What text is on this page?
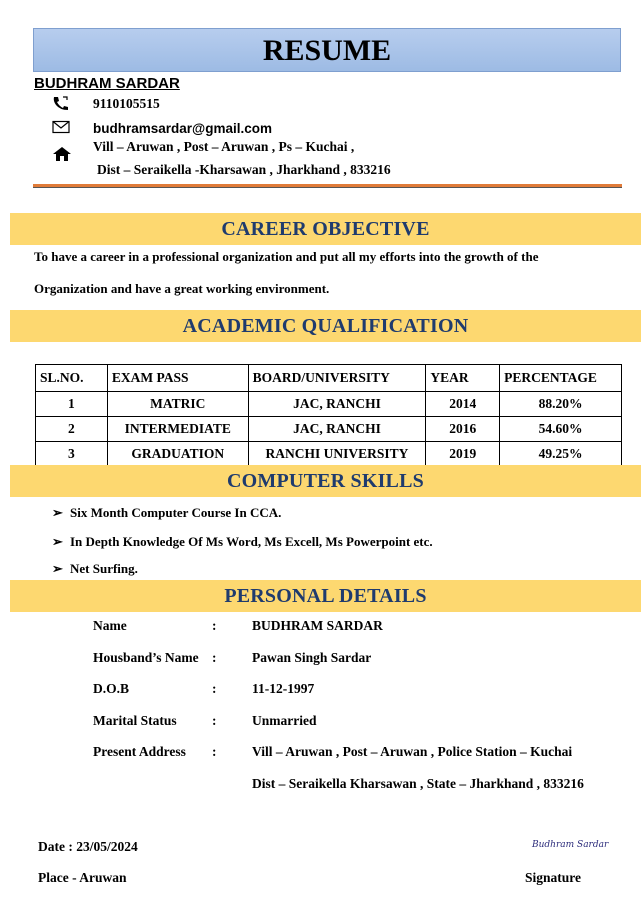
RESUME
BUDHRAM SARDAR
9110105515
budhramsardar@gmail.com
Vill – Aruwan , Post – Aruwan , Ps – Kuchai ,
Dist – Seraikella -Kharsawan , Jharkhand , 833216
CAREER OBJECTIVE
To have a career in a professional organization and put all my efforts into the growth of the
Organization and have a great working environment.
ACADEMIC QUALIFICATION
SL.NO.	EXAM PASS	BOARD/UNIVERSITY	YEAR	PERCENTAGE
1	MATRIC	JAC, RANCHI	2014	88.20%
2	INTERMEDIATE	JAC, RANCHI	2016	54.60%
3	GRADUATION	RANCHI UNIVERSITY	2019	49.25%
COMPUTER SKILLS
➢ Six Month Computer Course In CCA.
➢ In Depth Knowledge Of Ms Word, Ms Excell, Ms Powerpoint etc.
➢ Net Surfing.
PERSONAL DETAILS
Name	:	BUDHRAM SARDAR
Housband’s Name :	Pawan Singh Sardar
D.O.B	:	11-12-1997
Marital Status	:	Unmarried
Present Address :	Vill – Aruwan , Post – Aruwan , Police Station – Kuchai
Dist – Seraikella Kharsawan , State – Jharkhand , 833216
Date : 23/05/2024
Place - Aruwan
Budhram Sardar
Signature
